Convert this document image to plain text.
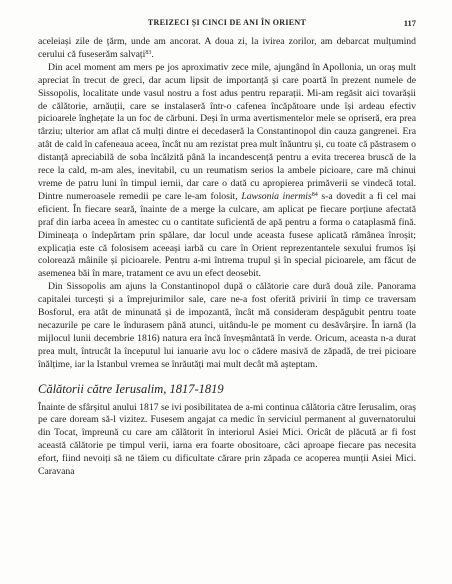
TREIZECI ȘI CINCI DE ANI ÎN ORIENT	117

aceleiași zile de țărm, unde am ancorat. A doua zi, la ivirea zorilor, am debarcat mulțumind cerului că fuseserăm salvați$^{83}$.

Din acel moment am mers pe jos aproximativ zece mile, ajungând în Apollonia, un oraș mult apreciat în trecut de greci, dar acum lipsit de importanță și care poartă în prezent numele de Sissopolis, localitate unde vasul nostru a fost adus pentru reparații. Mi-am regăsit aici tovarășii de călătorie, arnăuții, care se instalaseră într-o cafenea încăpătoare unde își ardeau efectiv picioarele înghețate la un foc de cărbuni. Deși în urma avertismentelor mele se opriseră, era prea târziu; ulterior am aflat că mulți dintre ei decedaseră la Constantinopol din cauza gangrenei. Era atât de cald în cafeneaua aceea, încât nu am rezistat prea mult înăuntru și, cu toate că păstrasem o distanță apreciabilă de soba încălzită până la incandescență pentru a evita trecerea bruscă de la rece la cald, m-am ales, inevitabil, cu un reumatism serios la ambele picioare, care mă chinui vreme de patru luni în timpul iernii, dar care o dată cu apropierea primăverii se vindecă total. Dintre numeroasele remedii pe care le-am folosit, Lawsonia inermis$^{84}$ s-a dovedit a fi cel mai eficient. În fiecare seară, înainte de a merge la culcare, am aplicat pe fiecare porțiune afectată praf din iarba aceea în amestec cu o cantitate suficientă de apă pentru a forma o cataplasmă fină. Dimineața o îndepărtam prin spălare, dar locul unde aceasta fusese aplicată rămânea înroșit; explicația este că folosisem aceeași iarbă cu care în Orient reprezentantele sexului frumos își colorează mâinile și picioarele. Pentru a-mi întrema trupul și în special picioarele, am făcut de asemenea băi în mare, tratament ce avu un efect deosebit.

Din Sissopolis am ajuns la Constantinopol după o călătorie care dură două zile. Panorama capitalei turcești și a împrejurimilor sale, care ne-a fost oferită privirii în timp ce traversam Bosforul, era atât de minunată și de impozantă, încât mă consideram despăgubit pentru toate necazurile pe care le îndurasem până atunci, uitându-le pe moment cu desăvârșire. În iarnă (la mijlocul lunii decembrie 1816) natura era încă înveșmântată în verde. Oricum, aceasta n-a durat prea mult, întrucât la începutul lui ianuarie avu loc o cădere masivă de zăpadă, de trei picioare înălțime, iar la Istanbul vremea se înrăutăți mai mult decât mă așteptam.

Călătorii către Ierusalim, 1817-1819

Înainte de sfârșitul anului 1817 se ivi posibilitatea de a-mi continua călătoria către Ierusalim, oraș pe care doream să-l vizitez. Fusesem angajat ca medic în serviciul permanent al guvernatorului din Tocat, împreună cu care am călătorit în interiorul Asiei Mici. Oricât de plăcută ar fi fost această călătorie pe timpul verii, iarna era foarte obositoare, căci aproape fiecare pas necesita efort, fiind nevoiți să ne tăiem cu dificultate cărare prin zăpada ce acoperea munții Asiei Mici. Caravana
